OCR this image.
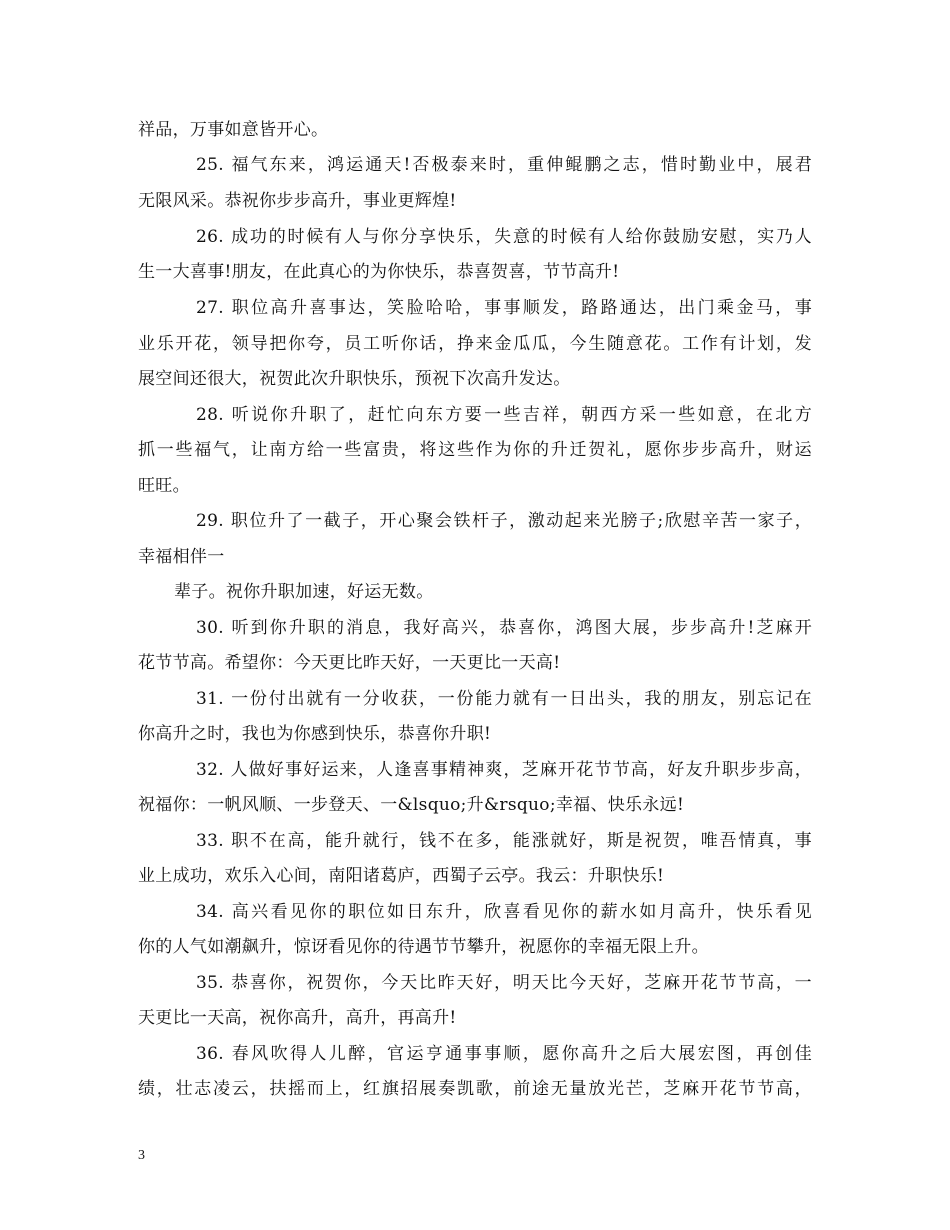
祥品，万事如意皆开心。
25. 福气东来，鸿运通天!否极泰来时，重伸鲲鹏之志，惜时勤业中，展君
无限风采。恭祝你步步高升，事业更辉煌!
26. 成功的时候有人与你分享快乐，失意的时候有人给你鼓励安慰，实乃人
生一大喜事!朋友，在此真心的为你快乐，恭喜贺喜，节节高升!
27. 职位高升喜事达，笑脸哈哈，事事顺发，路路通达，出门乘金马，事
业乐开花，领导把你夸，员工听你话，挣来金瓜瓜，今生随意花。工作有计划，发
展空间还很大，祝贺此次升职快乐，预祝下次高升发达。
28. 听说你升职了，赶忙向东方要一些吉祥，朝西方采一些如意，在北方
抓一些福气，让南方给一些富贵，将这些作为你的升迁贺礼，愿你步步高升，财运
旺旺。
29. 职位升了一截子，开心聚会铁杆子，激动起来光膀子;欣慰辛苦一家子，
幸福相伴一
辈子。祝你升职加速，好运无数。
30. 听到你升职的消息，我好高兴，恭喜你，鸿图大展，步步高升!芝麻开
花节节高。希望你：今天更比昨天好，一天更比一天高!
31. 一份付出就有一分收获，一份能力就有一日出头，我的朋友，别忘记在
你高升之时，我也为你感到快乐，恭喜你升职!
32. 人做好事好运来，人逢喜事精神爽，芝麻开花节节高，好友升职步步高，
祝福你：一帆风顺、一步登天、一&lsquo;升&rsquo;幸福、快乐永远!
33. 职不在高，能升就行，钱不在多，能涨就好，斯是祝贺，唯吾情真，事
业上成功，欢乐入心间，南阳诸葛庐，西蜀子云亭。我云：升职快乐!
34. 高兴看见你的职位如日东升，欣喜看见你的薪水如月高升，快乐看见
你的人气如潮飙升，惊讶看见你的待遇节节攀升，祝愿你的幸福无限上升。
35. 恭喜你，祝贺你，今天比昨天好，明天比今天好，芝麻开花节节高，一
天更比一天高，祝你高升，高升，再高升!
36. 春风吹得人儿醉，官运亨通事事顺，愿你高升之后大展宏图，再创佳
绩，壮志凌云，扶摇而上，红旗招展奏凯歌，前途无量放光芒，芝麻开花节节高，
3
